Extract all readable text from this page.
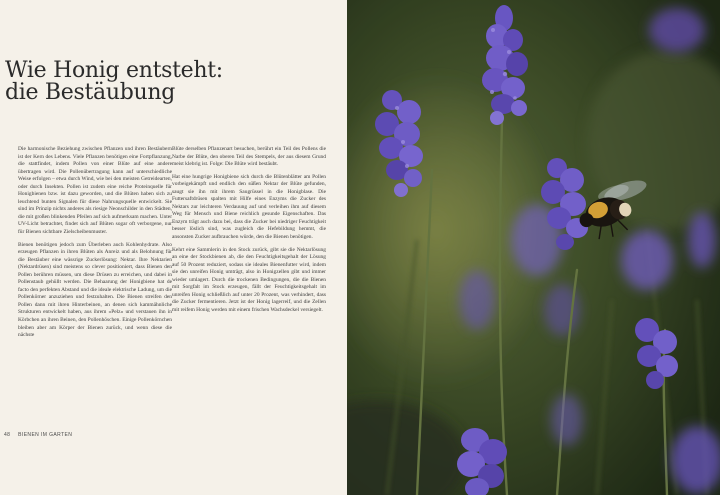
Wie Honig entsteht:
die Bestäubung

Die harmonische Beziehung zwischen Pflanzen und ihren Bestäubern ist der Kern des Lebens. Viele Pflanzen benötigen eine Fortpflanzung, die stattfindet, indem Pollen von einer Blüte auf eine andere übertragen wird. Die Pollenübertragung kann auf unterschiedliche Weise erfolgen – etwa durch Wind, wie bei den meisten Getreidearten, oder durch Insekten. Pollen ist zudem eine reiche Proteinquelle für Honigbienen bzw. ist dazu geworden, und die Blüten haben sich zu leuchtend bunten Signalen für diese Nahrungsquelle entwickelt. Sie sind im Prinzip nichts anderes als riesige Neonschilder in den Städten, die mit großen blinkenden Pfeilen auf sich aufmerksam machen. Unter UV-Licht betrachtet, findet sich auf Blüten sogar oft verborgene, nur für Bienen sichtbare Zielscheibenmuster.

Bienen benötigen jedoch zum Überleben auch Kohlenhydrate. Also erzeugen Pflanzen in ihren Blüten als Anreiz und als Belohnung für die Bestäuber eine wässrige Zuckerlösung: Nektar. Ihre Nektarien (Nektardrüsen) sind meistens so clever positioniert, dass Bienen den Pollen berühren müssen, um diese Drüsen zu erreichen, und dabei in Pollenstaub gehüllt werden. Die Behaarung der Honigbiene hat de facto den perfekten Abstand und die ideale elektrische Ladung, um die Pollenkörner anzuziehen und festzuhalten. Die Bienen streifen den Pollen dann mit ihren Hinterbeinen, an denen sich kammähnliche Strukturen entwickelt haben, aus ihrem »Pelz« und verstauen ihn in Körbchen an ihren Beinen, den Pollenhöschen. Einige Pollenkörnchen bleiben aber am Körper der Bienen zurück, und wenn diese die nächste

Blüte derselben Pflanzenart besuchen, berührt ein Teil des Pollens die Narbe der Blüte, den oberen Teil des Stempels, der aus diesem Grund meist klebrig ist. Folge: Die Blüte wird bestäubt.

Hat eine hungrige Honigbiene sich durch die Blütenblätter am Pollen vorbeigekämpft und endlich den süßen Nektar der Blüte gefunden, saugt sie ihn mit ihrem Saugrüssel in die Honigblase. Die Futtersaftdrüsen spalten mit Hilfe eines Enzyms die Zucker des Nektars zur leichteren Verdauung auf und verleihen ihm auf diesem Weg für Mensch und Biene reichlich gesunde Eigenschaften. Das Enzym trägt auch dazu bei, dass die Zucker bei niedriger Feuchtigkeit besser löslich sind, was zugleich die Hefebildung hemmt, die ansonsten Zucker aufbrauchen würde, den die Bienen benötigen.

Kehrt eine Sammlerin in den Stock zurück, gibt sie die Nektarlösung an eine der Stockbienen ab, die den Feuchtigkeitsgehalt der Lösung auf 50 Prozent reduziert, sodass sie ideales Bienenfutter wird, indem sie den unreifen Honig umträgt, also in Honigzellen gibt und immer wieder umlagert. Durch die trockenen Bedingungen, die die Bienen mit Sorgfalt im Stock erzeugen, fällt der Feuchtigkeitsgehalt im unreifen Honig schließlich auf unter 20 Prozent, was verhindert, dass die Zucker fermentieren. Jetzt ist der Honig lagerreif, und die Zellen mit reifem Honig werden mit einem frischen Wachsdeckel versiegelt.

48 BIENEN IM GARTEN
